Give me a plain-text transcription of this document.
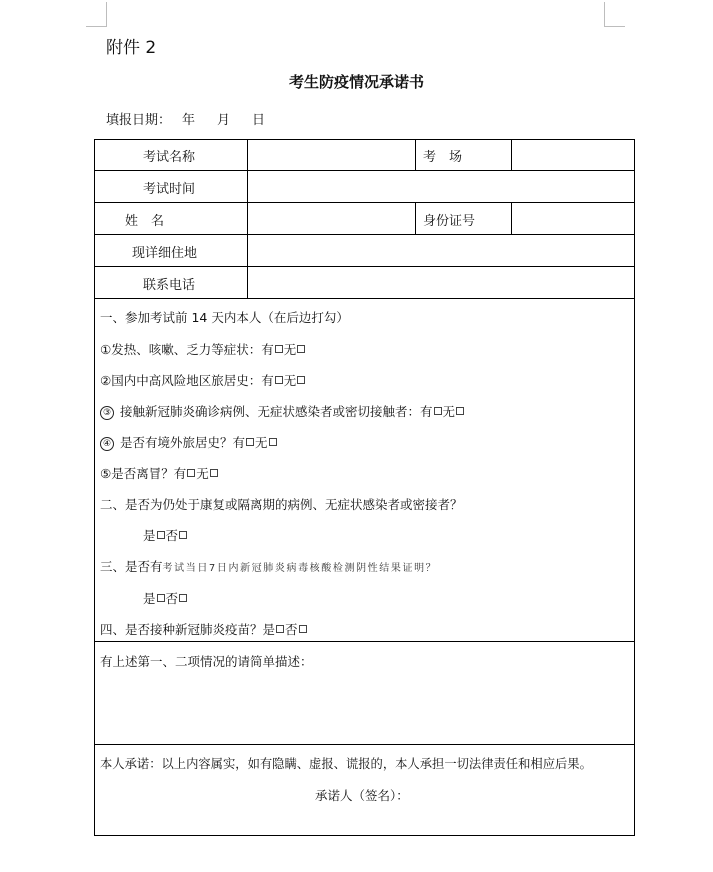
附件 2
考生防疫情况承诺书
填报日期： 年 月 日
考试名称	考　场
考试时间
姓　名	身份证号
现详细住地
联系电话
一、参加考试前 14 天内本人（在后边打勾）
①发热、咳嗽、乏力等症状：有 无
②国内中高风险地区旅居史：有 无
③ 接触新冠肺炎确诊病例、无症状感染者或密切接触者：有 无
④ 是否有境外旅居史？有 无
⑤是否离冒？有 无
二、是否为仍处于康复或隔离期的病例、无症状感染者或密接者？
是 否
三、是否有考试当日7日内新冠肺炎病毒核酸检测阴性结果证明？
是 否
四、是否接种新冠肺炎疫苗？是 否
有上述第一、二项情况的请简单描述：
本人承诺：以上内容属实，如有隐瞒、虚报、谎报的，本人承担一切法律责任和相应后果。
承诺人（签名）：
